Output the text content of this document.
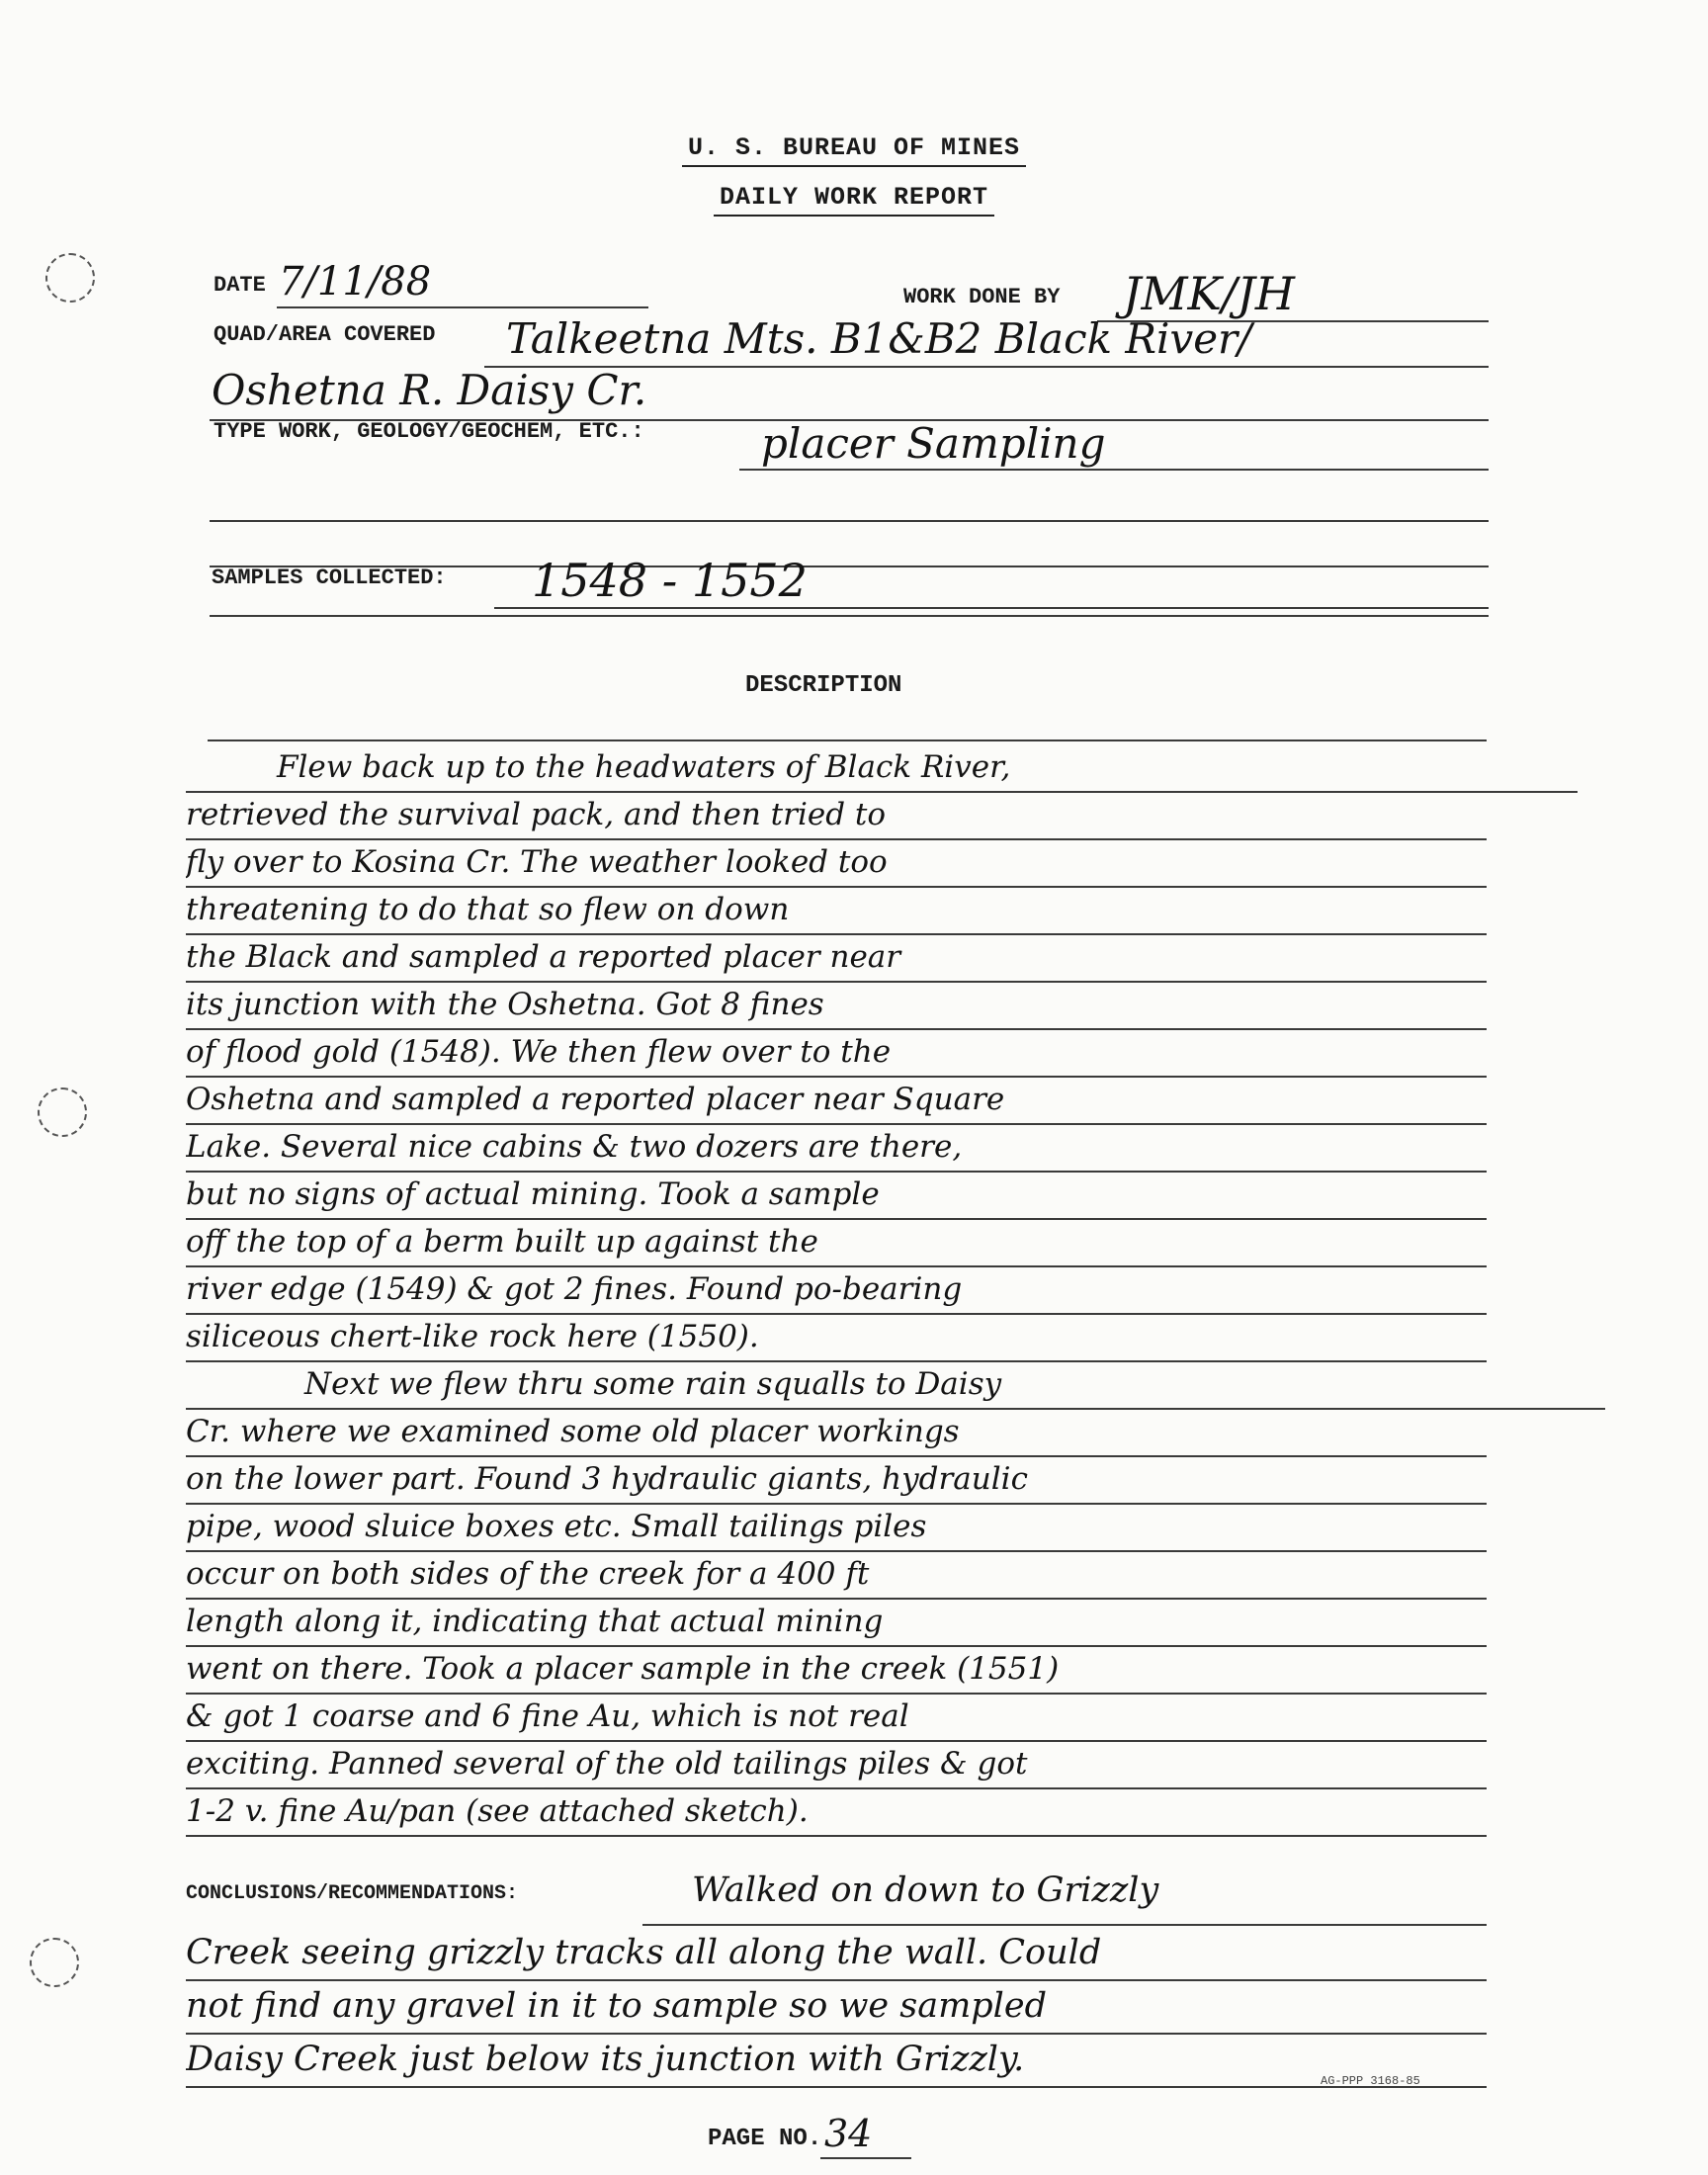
U. S. BUREAU OF MINES
DAILY WORK REPORT
DATE 7/11/88	WORK DONE BY JMK/JH
QUAD/AREA COVERED Talkeetna Mts. B1&B2 Black River/
Oshetna R. Daisy Cr.
TYPE WORK, GEOLOGY/GEOCHEM, ETC.:	placer Sampling
SAMPLES COLLECTED: 1548 - 1552
DESCRIPTION
Flew back up to the headwaters of Black River,
retrieved the survival pack, and then tried to
fly over to Kosina Cr. The weather looked too
threatening to do that so flew on down
the Black and sampled a reported placer near
its junction with the Oshetna. Got 8 fines
of flood gold (1548). We then flew over to the
Oshetna and sampled a reported placer near Square
Lake. Several nice cabins & two dozers are there,
but no signs of actual mining. Took a sample
off the top of a berm built up against the
river edge (1549) & got 2 fines. Found po-bearing
siliceous chert-like rock here (1550).
Next we flew thru some rain squalls to Daisy
Cr. where we examined some old placer workings
on the lower part. Found 3 hydraulic giants, hydraulic
pipe, wood sluice boxes etc. Small tailings piles
occur on both sides of the creek for a 400 ft
length along it, indicating that actual mining
went on there. Took a placer sample in the creek (1551)
& got 1 coarse and 6 fine Au, which is not real
exciting. Panned several of the old tailings piles & got
1-2 v. fine Au/pan (see attached sketch).
CONCLUSIONS/RECOMMENDATIONS:	Walked on down to Grizzly
Creek seeing grizzly tracks all along the wall. Could
not find any gravel in it to sample so we sampled
Daisy Creek just below its junction with Grizzly.
AG-PPP 3168-85
PAGE NO. 34
